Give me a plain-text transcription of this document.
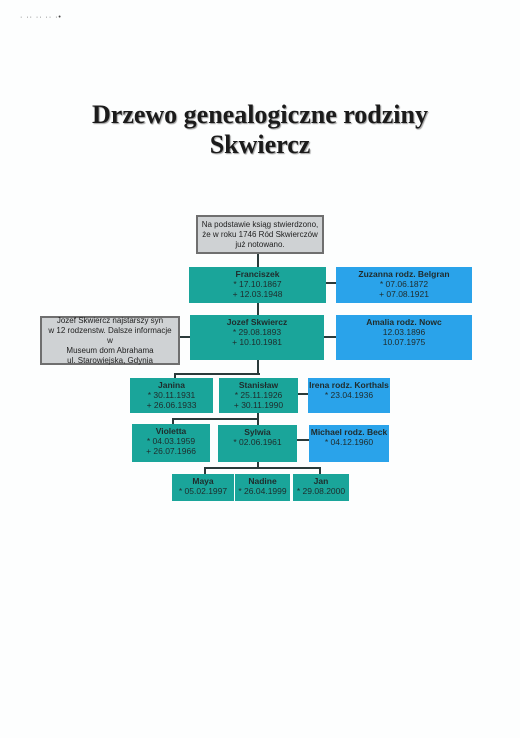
· ·· ·· ·· ·•
Drzewo genealogiczne rodziny
Skwiercz
Na podstawie ksiąg stwierdzono,
że w roku 1746 Ród Skwierczów
już notowano.
Franciszek
* 17.10.1867
+ 12.03.1948
Zuzanna rodz. Belgran
* 07.06.1872
+ 07.08.1921
Jozef Skwiercz najstarszy syn
w 12 rodzenstw. Dalsze informacje w
Museum dom Abrahama
ul. Starowiejska, Gdynia
Jozef Skwiercz
* 29.08.1893
+ 10.10.1981
Amalia rodz. Nowc
12.03.1896
10.07.1975
Janina
* 30.11.1931
+ 26.06.1933
Stanisław
* 25.11.1926
+ 30.11.1990
Irena rodz. Korthals
* 23.04.1936
Violetta
* 04.03.1959
+ 26.07.1966
Sylwia
* 02.06.1961
Michael rodz. Beck
* 04.12.1960
Maya
* 05.02.1997
Nadine
* 26.04.1999
Jan
* 29.08.2000
